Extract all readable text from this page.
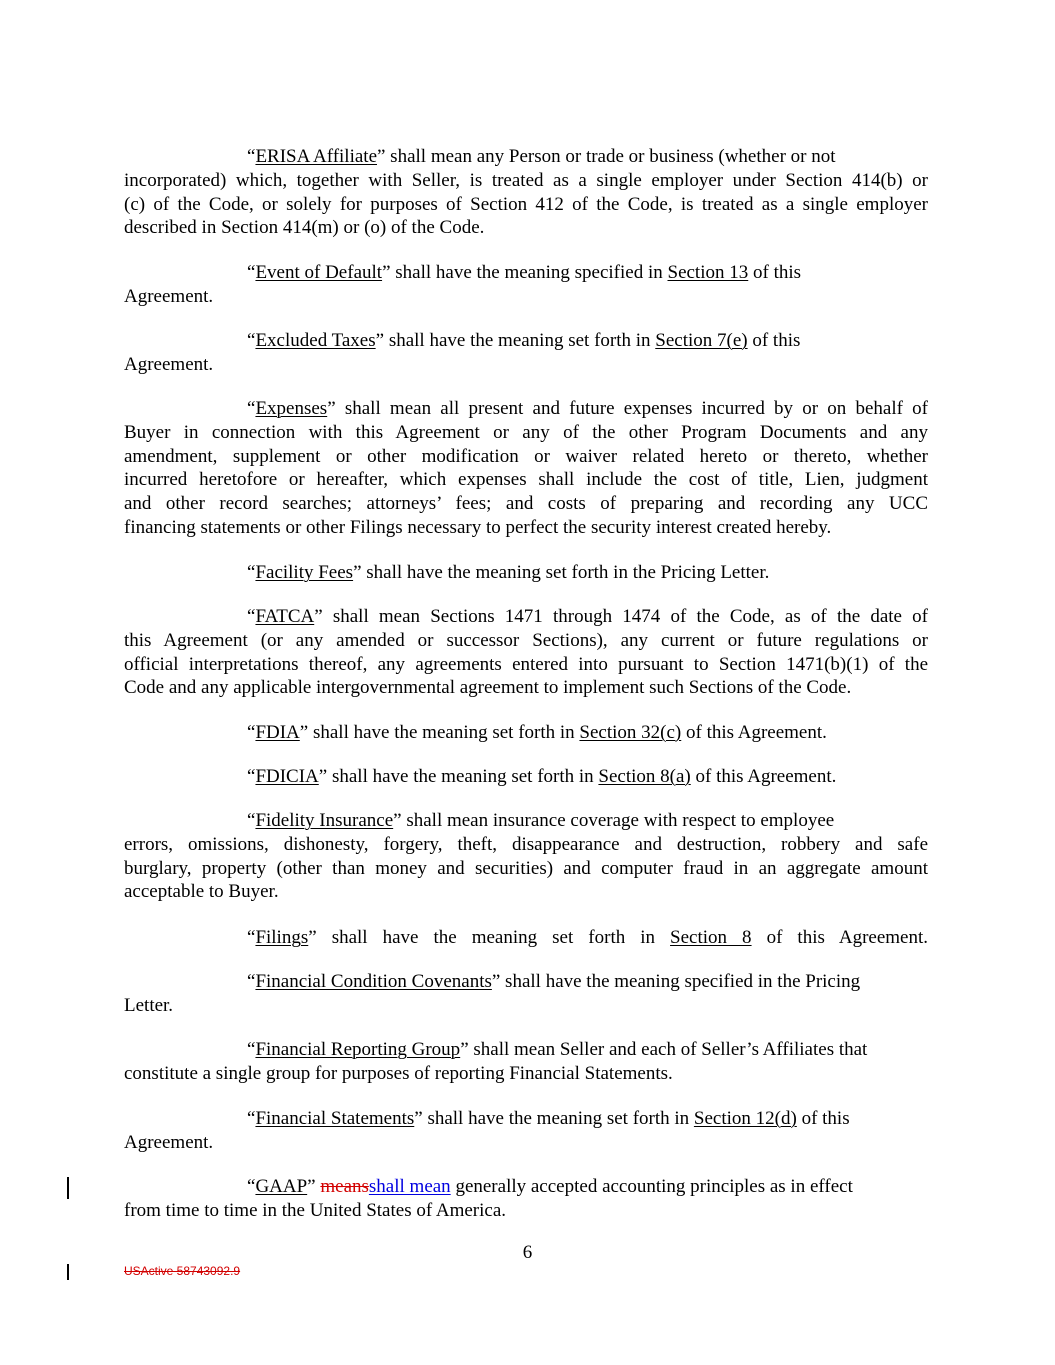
“ERISA Affiliate” shall mean any Person or trade or business (whether or not
incorporated) which, together with Seller, is treated as a single employer under Section 414(b) or
(c) of the Code, or solely for purposes of Section 412 of the Code, is treated as a single employer
described in Section 414(m) or (o) of the Code.
“Event of Default” shall have the meaning specified in Section 13 of this
Agreement.
“Excluded Taxes” shall have the meaning set forth in Section 7(e) of this
Agreement.
“Expenses” shall mean all present and future expenses incurred by or on behalf of
Buyer in connection with this Agreement or any of the other Program Documents and any
amendment, supplement or other modification or waiver related hereto or thereto, whether
incurred heretofore or hereafter, which expenses shall include the cost of title, Lien, judgment
and other record searches; attorneys’ fees; and costs of preparing and recording any UCC
financing statements or other Filings necessary to perfect the security interest created hereby.
“Facility Fees” shall have the meaning set forth in the Pricing Letter.
“FATCA” shall mean Sections 1471 through 1474 of the Code, as of the date of
this Agreement (or any amended or successor Sections), any current or future regulations or
official interpretations thereof, any agreements entered into pursuant to Section 1471(b)(1) of the
Code and any applicable intergovernmental agreement to implement such Sections of the Code.
“FDIA” shall have the meaning set forth in Section 32(c) of this Agreement.
“FDICIA” shall have the meaning set forth in Section 8(a) of this Agreement.
“Fidelity Insurance” shall mean insurance coverage with respect to employee
errors, omissions, dishonesty, forgery, theft, disappearance and destruction, robbery and safe
burglary, property (other than money and securities) and computer fraud in an aggregate amount
acceptable to Buyer.
“Filings” shall have the meaning set forth in Section 8 of this Agreement.
“Financial Condition Covenants” shall have the meaning specified in the Pricing
Letter.
“Financial Reporting Group” shall mean Seller and each of Seller’s Affiliates that
constitute a single group for purposes of reporting Financial Statements.
“Financial Statements” shall have the meaning set forth in Section 12(d) of this
Agreement.
“GAAP” meansshall mean generally accepted accounting principles as in effect
from time to time in the United States of America.
6
USActive 58743092.9
